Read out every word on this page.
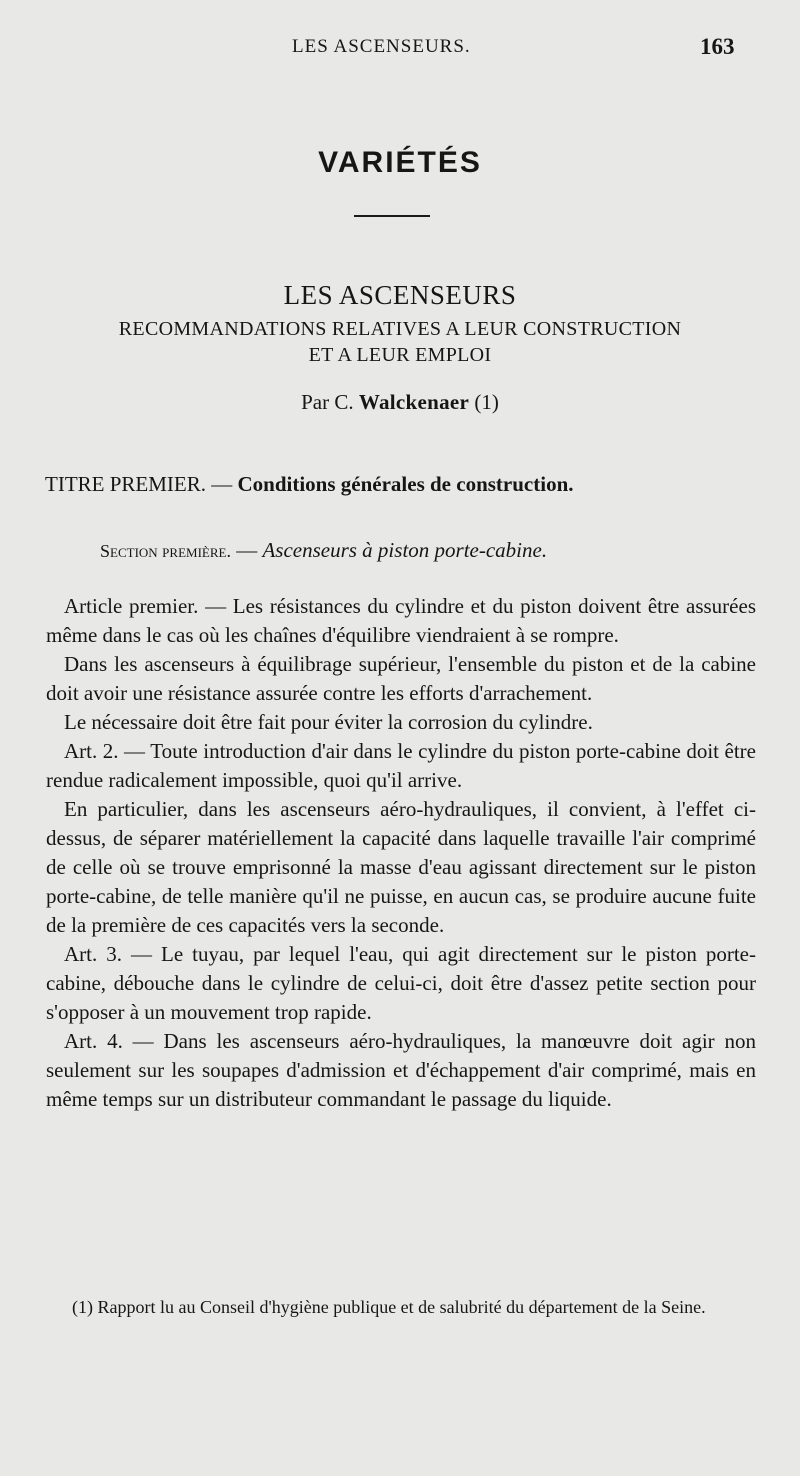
LES ASCENSEURS.	163
VARIÉTÉS
LES ASCENSEURS
RECOMMANDATIONS RELATIVES A LEUR CONSTRUCTION
ET A LEUR EMPLOI
Par C. Walckenaer (1)
TITRE PREMIER. — Conditions générales de construction.
Section première. — Ascenseurs à piston porte-cabine.

Article premier. — Les résistances du cylindre et du piston doivent être assurées même dans le cas où les chaînes d'équilibre viendraient à se rompre.

Dans les ascenseurs à équilibrage supérieur, l'ensemble du piston et de la cabine doit avoir une résistance assurée contre les efforts d'arrachement.

Le nécessaire doit être fait pour éviter la corrosion du cylindre.

Art. 2. — Toute introduction d'air dans le cylindre du piston porte-cabine doit être rendue radicalement impossible, quoi qu'il arrive.

En particulier, dans les ascenseurs aéro-hydrauliques, il convient, à l'effet ci-dessus, de séparer matériellement la capacité dans laquelle travaille l'air comprimé de celle où se trouve emprisonné la masse d'eau agissant directement sur le piston porte-cabine, de telle manière qu'il ne puisse, en aucun cas, se produire aucune fuite de la première de ces capacités vers la seconde.

Art. 3. — Le tuyau, par lequel l'eau, qui agit directement sur le piston porte-cabine, débouche dans le cylindre de celui-ci, doit être d'assez petite section pour s'opposer à un mouvement trop rapide.

Art. 4. — Dans les ascenseurs aéro-hydrauliques, la manœuvre doit agir non seulement sur les soupapes d'admission et d'échappement d'air comprimé, mais en même temps sur un distributeur commandant le passage du liquide.

(1) Rapport lu au Conseil d'hygiène publique et de salubrité du département de la Seine.
